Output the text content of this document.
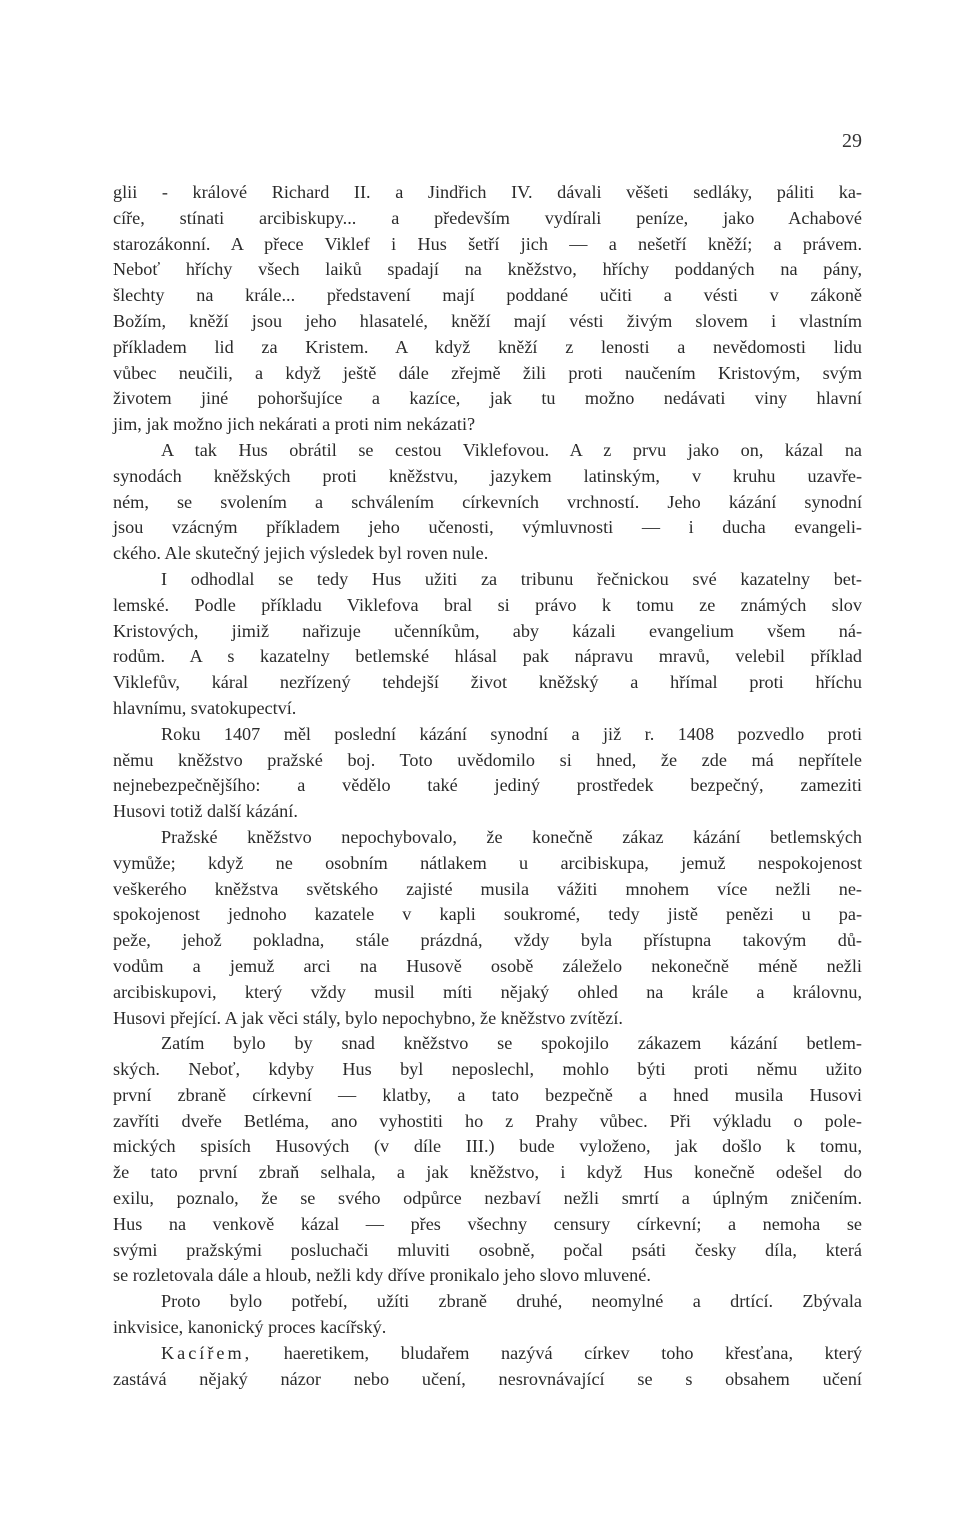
29
glii - králové Richard II. a Jindřich IV. dávali věšeti sedláky, páliti ka-
cíře, stínati arcibiskupy... a především vydírali peníze, jako Achabové
starozákonní. A přece Viklef i Hus šetří jich — a nešetří kněží; a právem.
Neboť hříchy všech laiků spadají na kněžstvo, hříchy poddaných na pány,
šlechty na krále... představení mají poddané učiti a vésti v zákoně
Božím, kněží jsou jeho hlasatelé, kněží mají vésti živým slovem i vlastním
příkladem lid za Kristem. A když kněží z lenosti a nevědomosti lidu
vůbec neučili, a když ještě dále zřejmě žili proti naučením Kristovým, svým
životem jiné pohoršujíce a kazíce, jak tu možno nedávati viny hlavní
jim, jak možno jich nekárati a proti nim nekázati?
A tak Hus obrátil se cestou Viklefovou. A z prvu jako on, kázal na
synodách kněžských proti kněžstvu, jazykem latinským, v kruhu uzavře-
ném, se svolením a schválením církevních vrchností. Jeho kázání synodní
jsou vzácným příkladem jeho učenosti, výmluvnosti — i ducha evangeli-
ckého. Ale skutečný jejich výsledek byl roven nule.
I odhodlal se tedy Hus užiti za tribunu řečnickou své kazatelny bet-
lemské. Podle příkladu Viklefova bral si právo k tomu ze známých slov
Kristových, jimiž nařizuje učenníkům, aby kázali evangelium všem ná-
rodům. A s kazatelny betlemské hlásal pak nápravu mravů, velebil příklad
Viklefův, káral nezřízený tehdejší život kněžský a hřímal proti hříchu
hlavnímu, svatokupectví.
Roku 1407 měl poslední kázání synodní a již r. 1408 pozvedlo proti
němu kněžstvo pražské boj. Toto uvědomilo si hned, že zde má nepřítele
nejnebezpečnějšího: a vědělo také jediný prostředek bezpečný, zameziti
Husovi totiž další kázání.
Pražské kněžstvo nepochybovalo, že konečně zákaz kázání betlemských
vymůže; když ne osobním nátlakem u arcibiskupa, jemuž nespokojenost
veškerého kněžstva světského zajisté musila vážiti mnohem více nežli ne-
spokojenost jednoho kazatele v kapli soukromé, tedy jistě penězi u pa-
peže, jehož pokladna, stále prázdná, vždy byla přístupna takovým dů-
vodům a jemuž arci na Husově osobě záleželo nekonečně méně nežli
arcibiskupovi, který vždy musil míti nějaký ohled na krále a královnu,
Husovi přející. A jak věci stály, bylo nepochybno, že kněžstvo zvítězí.
Zatím bylo by snad kněžstvo se spokojilo zákazem kázání betlem-
ských. Neboť, kdyby Hus byl neposlechl, mohlo býti proti němu užito
první zbraně církevní — klatby, a tato bezpečně a hned musila Husovi
zavříti dveře Betléma, ano vyhostiti ho z Prahy vůbec. Při výkladu o pole-
mických spisích Husových (v díle III.) bude vyloženo, jak došlo k tomu,
že tato první zbraň selhala, a jak kněžstvo, i když Hus konečně odešel do
exilu, poznalo, že se svého odpůrce nezbaví nežli smrtí a úplným zničením.
Hus na venkově kázal — přes všechny censury církevní; a nemoha se
svými pražskými posluchači mluviti osobně, počal psáti česky díla, která
se rozletovala dále a hloub, nežli kdy dříve pronikalo jeho slovo mluvené.
Proto bylo potřebí, užíti zbraně druhé, neomylné a drtící. Zbývala
inkvisice, kanonický proces kacířský.
Kacířem, haeretikem, bludařem nazývá církev toho křesťana, který
zastává nějaký názor nebo učení, nesrovnávající se s obsahem učení
